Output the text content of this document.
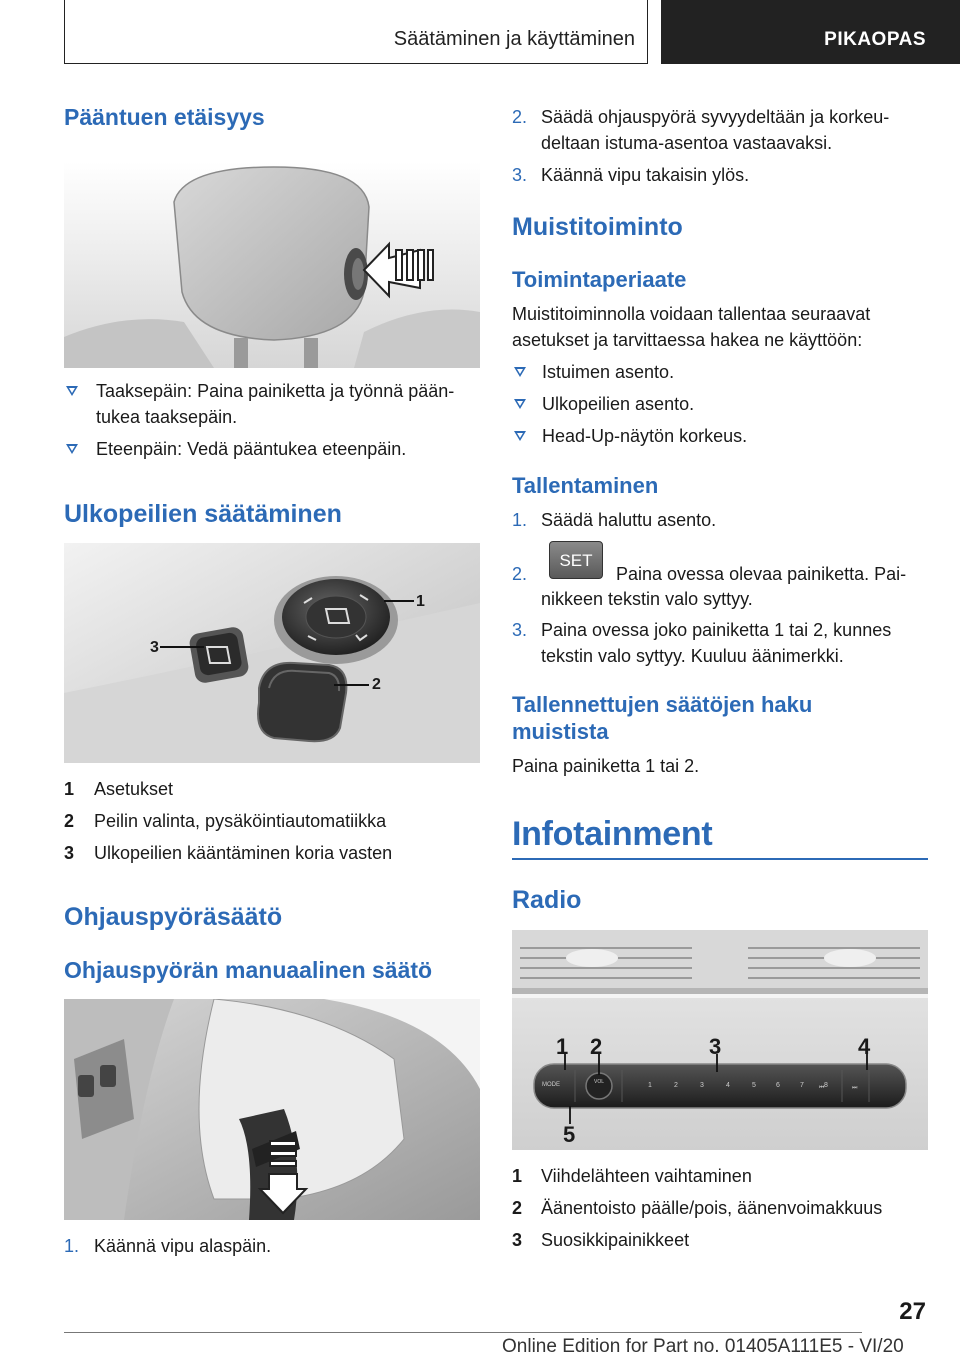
Säätäminen ja käyttäminen	PIKAOPAS
Pääntuen etäisyys
Taaksepäin: Paina painiketta ja työnnä pään‐
tukea taaksepäin.
Eteenpäin: Vedä pääntukea eteenpäin.
Ulkopeilien säätäminen
1
2
3
1 Asetukset
2 Peilin valinta, pysäköintiautomatiikka
3 Ulkopeilien kääntäminen koria vasten
Ohjauspyöräsäätö
Ohjauspyörän manuaalinen säätö
1. Käännä vipu alaspäin.
2. Säädä ohjauspyörä syvyydeltään ja korkeu‐
deltaan istuma-asentoa vastaavaksi.
3. Käännä vipu takaisin ylös.
Muistitoiminto
Toimintaperiaate
Muistitoiminnolla voidaan tallentaa seuraavat
asetukset ja tarvittaessa hakea ne käyttöön:
Istuimen asento.
Ulkopeilien asento.
Head-Up-näytön korkeus.
Tallentaminen
1. Säädä haluttu asento.
2.
SET
Paina ovessa olevaa painiketta. Pai‐
nikkeen tekstin valo syttyy.
3. Paina ovessa joko painiketta 1 tai 2, kunnes
tekstin valo syttyy. Kuuluu äänimerkki.
Tallennettujen säätöjen haku
muistista
Paina painiketta 1 tai 2.
Infotainment
Radio
⏮	⏭
MODE	VOL	1	2	3	4	5	6	7	8
1 2	3	4
5
1 Viihdelähteen vaihtaminen
2 Äänentoisto päälle/pois, äänenvoimakkuus
3 Suosikkipainikkeet
27
Online Edition for Part no. 01405A111E5 - VI/20
